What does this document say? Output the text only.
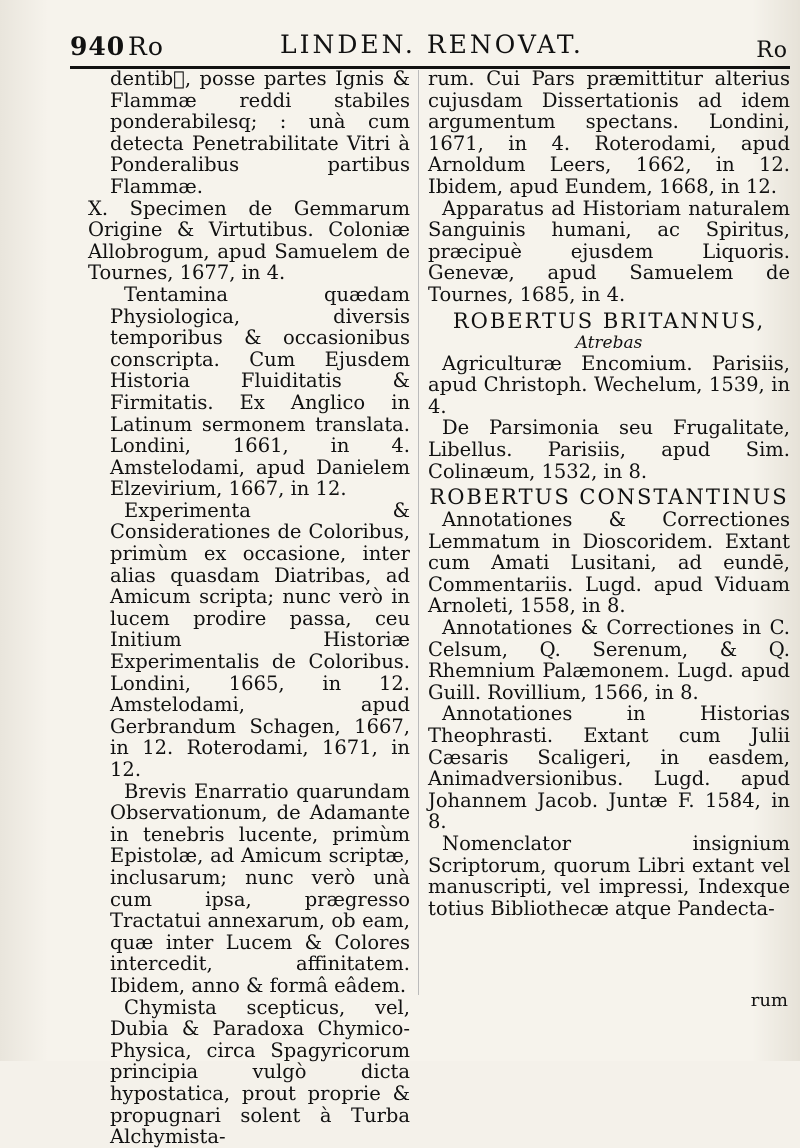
940 Ro	LINDEN. RENOVAT.	Ro

dentib᷒, posse partes Ignis & Flammæ reddi stabiles ponderabilesq; : unà cum detecta Penetrabilitate Vitri à Ponderalibus partibus Flammæ.

X. Specimen de Gemmarum Origine & Virtutibus. Coloniæ Allobrogum, apud Samuelem de Tournes, 1677, in 4.

Tentamina quædam Physiologica, diversis temporibus & occasionibus conscripta. Cum Ejusdem Historia Fluiditatis & Firmitatis. Ex Anglico in Latinum sermonem translata. Londini, 1661, in 4. Amstelodami, apud Danielem Elzevirium, 1667, in 12.

Experimenta & Considerationes de Coloribus, primùm ex occasione, inter alias quasdam Diatribas, ad Amicum scripta; nunc verò in lucem prodire passa, ceu Initium Historiæ Experimentalis de Coloribus. Londini, 1665, in 12. Amstelodami, apud Gerbrandum Schagen, 1667, in 12. Roterodami, 1671, in 12.

Brevis Enarratio quarundam Observationum, de Adamante in tenebris lucente, primùm Epistolæ, ad Amicum scriptæ, inclusarum; nunc verò unà cum ipsa, prægresso Tractatui annexarum, ob eam, quæ inter Lucem & Colores intercedit, affinitatem. Ibidem, anno & formâ eâdem.

Chymista scepticus, vel, Dubia & Paradoxa Chymico-Physica, circa Spagyricorum principia vulgò dicta hypostatica, prout proprie & propugnari solent à Turba Alchymista-

rum. Cui Pars præmittitur alterius cujusdam Dissertationis ad idem argumentum spectans. Londini, 1671, in 4. Roterodami, apud Arnoldum Leers, 1662, in 12. Ibidem, apud Eundem, 1668, in 12.

Apparatus ad Historiam naturalem Sanguinis humani, ac Spiritus, præcipuè ejusdem Liquoris. Genevæ, apud Samuelem de Tournes, 1685, in 4.

ROBERTUS BRITANNUS,

Atrebas

Agriculturæ Encomium. Parisiis, apud Christoph. Wechelum, 1539, in 4.

De Parsimonia seu Frugalitate, Libellus. Parisiis, apud Sim. Colinæum, 1532, in 8.

ROBERTUS CONSTANTINUS

Annotationes & Correctiones Lemmatum in Dioscoridem. Extant cum Amati Lusitani, ad eundē, Commentariis. Lugd. apud Viduam Arnoleti, 1558, in 8.

Annotationes & Correctiones in C. Celsum, Q. Serenum, & Q. Rhemnium Palæmonem. Lugd. apud Guill. Rovillium, 1566, in 8.

Annotationes in Historias Theophrasti. Extant cum Julii Cæsaris Scaligeri, in easdem, Animadversionibus. Lugd. apud Johannem Jacob. Juntæ F. 1584, in 8.

Nomenclator insignium Scriptorum, quorum Libri extant vel manuscripti, vel impressi, Indexque totius Bibliothecæ atque Pandecta-

rum
